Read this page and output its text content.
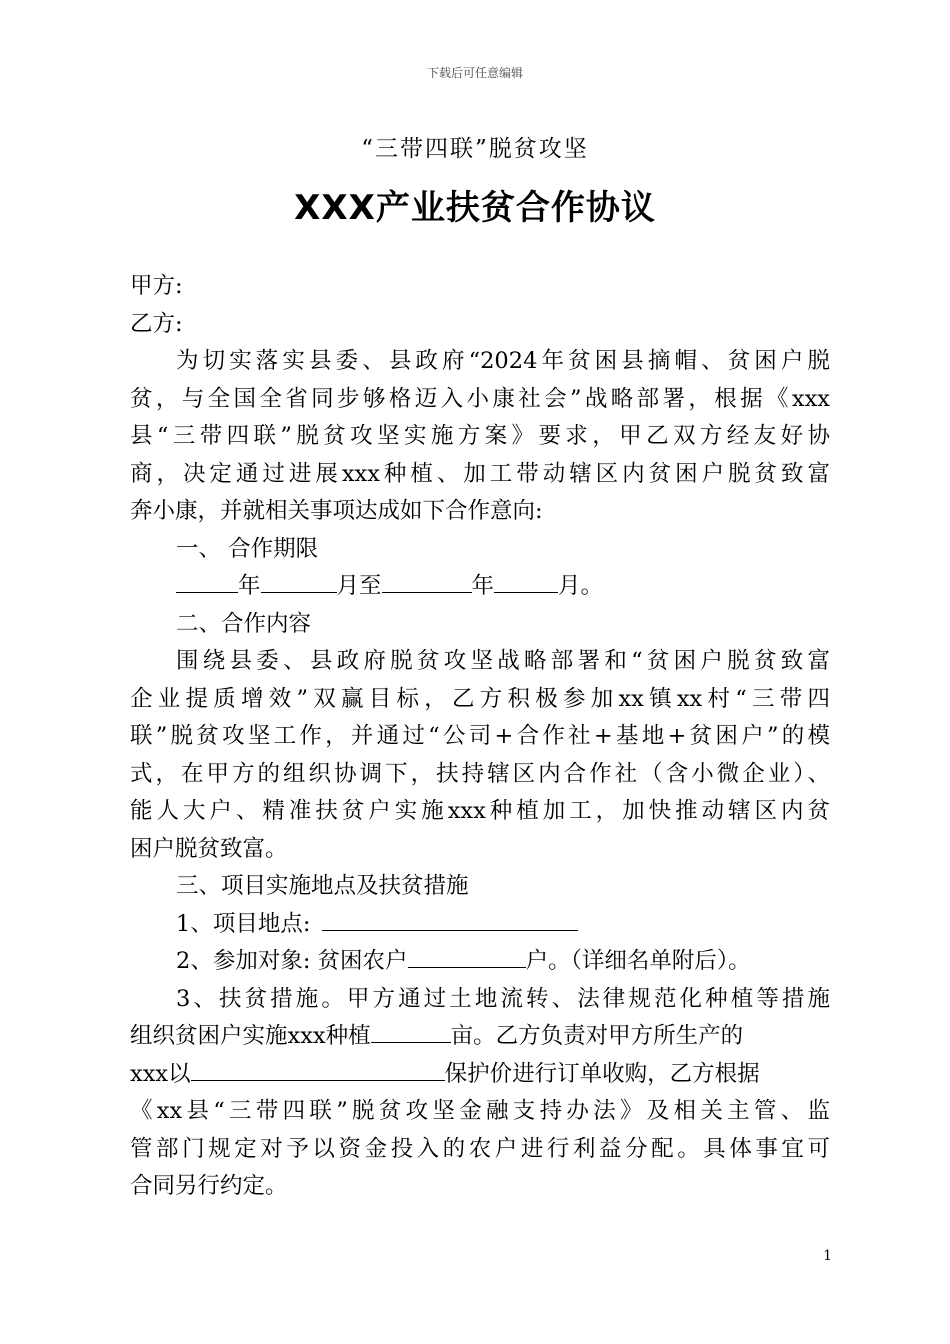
下载后可任意编辑
“三带四联”脱贫攻坚
XXX产业扶贫合作协议
甲方:
乙方:
为切实落实县委、县政府“2024年贫困县摘帽、贫困户脱
贫，与全国全省同步够格迈入小康社会”战略部署，根据《xxx
县“三带四联”脱贫攻坚实施方案》要求，甲乙双方经友好协
商，决定通过进展xxx种植、加工带动辖区内贫困户脱贫致富
奔小康，并就相关事项达成如下合作意向:
一、 合作期限
年	月至	年	月。
二、合作内容
围绕县委、县政府脱贫攻坚战略部署和“贫困户脱贫致富
企业提质增效”双赢目标，乙方积极参加xx镇xx村“三带四
联”脱贫攻坚工作，并通过“公司+合作社+基地+贫困户”的模
式，在甲方的组织协调下，扶持辖区内合作社（含小微企业）、
能人大户、精准扶贫户实施xxx种植加工，加快推动辖区内贫
困户脱贫致富。
三、项目实施地点及扶贫措施
1、项目地点:
2、参加对象: 贫困农户	户。（详细名单附后）。
3、扶贫措施。甲方通过土地流转、法律规范化种植等措施
组织贫困户实施xxx种植	亩。乙方负责对甲方所生产的
xxx以	保护价进行订单收购，乙方根据
《xx县“三带四联”脱贫攻坚金融支持办法》及相关主管、监
管部门规定对予以资金投入的农户进行利益分配。具体事宜可
合同另行约定。
1
